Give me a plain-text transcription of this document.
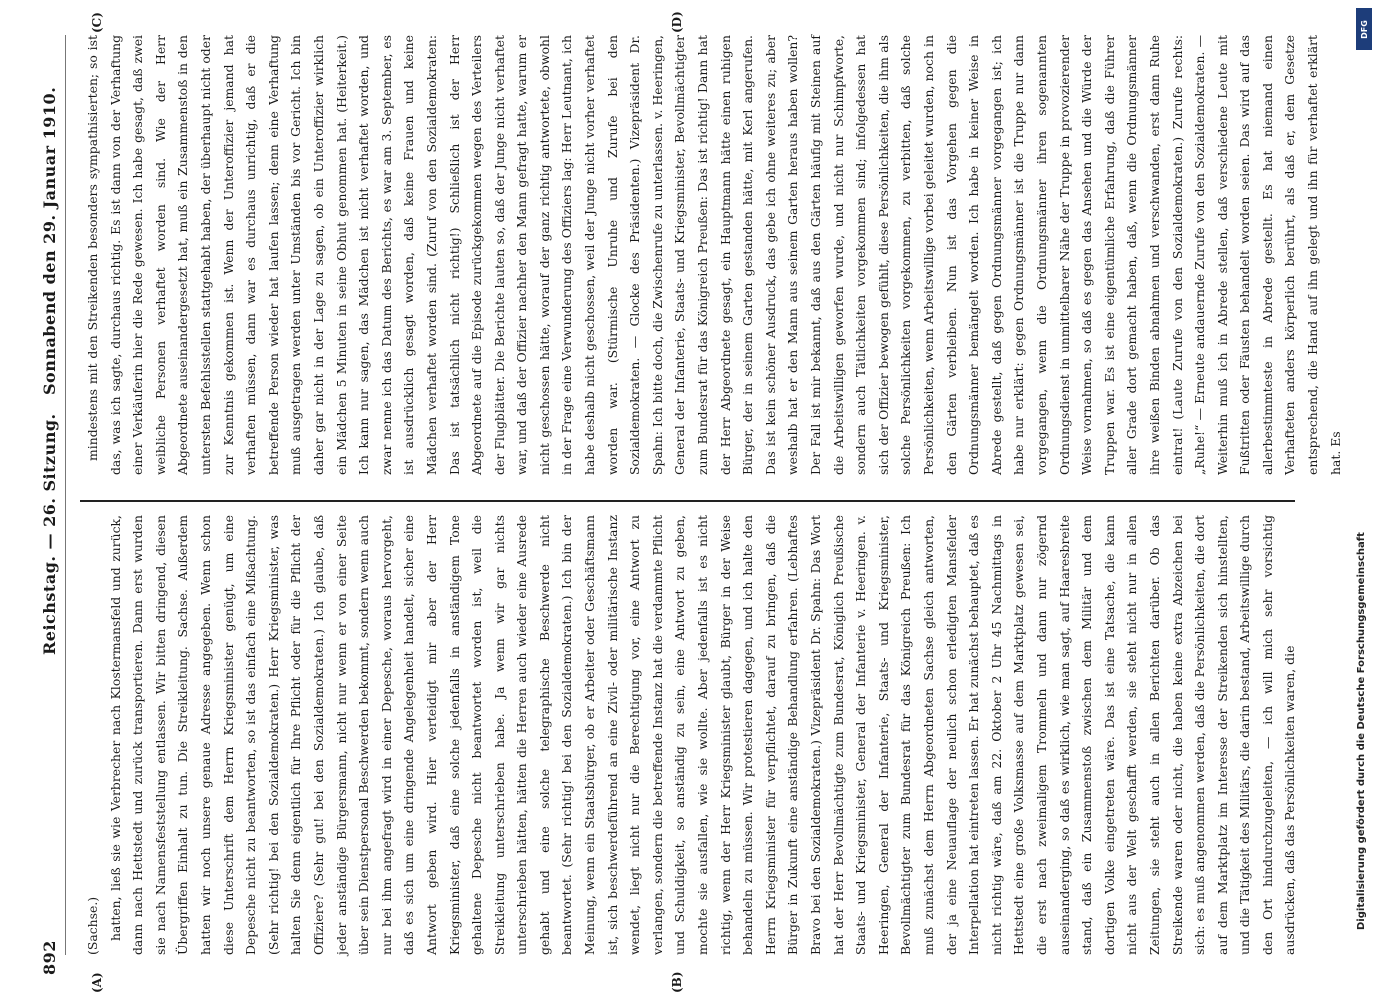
892
Reichstag. — 26. Sitzung.
Sonnabend den 29. Januar 1910.
(A)	(B)
(C)	(D)

(Sachse.) hatten, ließ sie wie Verbrecher nach Klostermansfeld und zurück, dann nach Hettstedt und zurück transportieren. Dann erst wurden sie nach Namensfeststellung entlassen. Wir bitten dringend, diesen Übergriffen Einhalt zu tun. Die Streikleitung. Sachse. Außerdem hatten wir noch unsere genaue Adresse angegeben. Wenn schon diese Unterschrift dem Herrn Kriegsminister genügt, um eine Depesche nicht zu beantworten, so ist das einfach eine Mißachtung. (Sehr richtig! bei den Sozialdemokraten.) Herr Kriegsminister, was halten Sie denn eigentlich für Ihre Pflicht oder für die Pflicht der Offiziere? (Sehr gut! bei den Sozialdemokraten.) Ich glaube, daß jeder anständige Bürgersmann, nicht nur wenn er von einer Seite über sein Dienstpersonal Beschwerden bekommt, sondern wenn auch nur bei ihm angefragt wird in einer Depesche, woraus hervorgeht, daß es sich um eine dringende Angelegenheit handelt, sicher eine Antwort geben wird. Hier verteidigt mir aber der Herr Kriegsminister, daß eine solche jedenfalls in anständigem Tone gehaltene Depesche nicht beantwortet worden ist, weil die Streikleitung unterschrieben habe. Ja wenn wir gar nichts unterschrieben hätten, hätten die Herren auch wieder eine Ausrede gehabt und eine solche telegraphische Beschwerde nicht beantwortet. (Sehr richtig! bei den Sozialdemokraten.) Ich bin der Meinung, wenn ein Staatsbürger, ob er Arbeiter oder Geschäftsmann ist, sich beschwerdeführend an eine Zivil- oder militärische Instanz wendet, liegt nicht nur die Berechtigung vor, eine Antwort zu verlangen, sondern die betreffende Instanz hat die verdammte Pflicht und Schuldigkeit, so anständig zu sein, eine Antwort zu geben, mochte sie ausfallen, wie sie wollte. Aber jedenfalls ist es nicht richtig, wenn der Herr Kriegsminister glaubt, Bürger in der Weise behandeln zu müssen. Wir protestieren dagegen, und ich halte den Herrn Kriegsminister für verpflichtet, darauf zu bringen, daß die Bürger in Zukunft eine anständige Behandlung erfahren. (Lebhaftes Bravo bei den Sozialdemokraten.) Vizepräsident Dr. Spahn: Das Wort hat der Herr Bevollmächtigte zum Bundesrat, Königlich Preußische Staats- und Kriegsminister, General der Infanterie v. Heeringen. v. Heeringen, General der Infanterie, Staats- und Kriegsminister, Bevollmächtigter zum Bundesrat für das Königreich Preußen: Ich muß zunächst dem Herrn Abgeordneten Sachse gleich antworten, der ja eine Neuauflage der neulich schon erledigten Mansfelder Interpellation hat eintreten lassen. Er hat zunächst behauptet, daß es nicht richtig wäre, daß am 22. Oktober 2 Uhr 45 Nachmittags in Hettstedt eine große Volksmasse auf dem Marktplatz gewesen sei, die erst nach zweimaligem Trommeln und dann nur zögernd auseinanderging, so daß es wirklich, wie man sagt, auf Haaresbreite stand, daß ein Zusammenstoß zwischen dem Militär und dem dortigen Volke eingetreten wäre. Das ist eine Tatsache, die kann nicht aus der Welt geschafft werden, sie steht nicht nur in allen Zeitungen, sie steht auch in allen Berichten darüber. Ob das Streikende waren oder nicht, die haben keine extra Abzeichen bei sich: es muß angenommen werden, daß die Persönlichkeiten, die dort auf dem Marktplatz im Interesse der Streikenden sich hinstellten, und die Tätigkeit des Militärs, die darin bestand, Arbeitswillige durch den Ort hindurchzugeleiten, — ich will mich sehr vorsichtig ausdrücken, daß das Persönlichkeiten waren, die

mindestens mit den Streikenden besonders sympathisierten; so ist das, was ich sagte, durchaus richtig. Es ist dann von der Verhaftung einer Verkäuferin hier die Rede gewesen. Ich habe gesagt, daß zwei weibliche Personen verhaftet worden sind. Wie der Herr Abgeordnete auseinandergesetzt hat, muß ein Zusammenstoß in den untersten Befehlsstellen stattgehabt haben, der überhaupt nicht oder zur Kenntnis gekommen ist. Wenn der Unteroffizier jemand hat verhaften müssen, dann war es durchaus unrichtig, daß er die betreffende Person wieder hat laufen lassen; denn eine Verhaftung muß ausgetragen werden unter Umständen bis vor Gericht. Ich bin daher gar nicht in der Lage zu sagen, ob ein Unteroffizier wirklich ein Mädchen 5 Minuten in seine Obhut genommen hat. (Heiterkeit.) Ich kann nur sagen, das Mädchen ist nicht verhaftet worden, und zwar nenne ich das Datum des Berichts, es war am 3. September, es ist ausdrücklich gesagt worden, daß keine Frauen und keine Mädchen verhaftet worden sind. (Zuruf von den Sozialdemokraten: Das ist tatsächlich nicht richtig!) Schließlich ist der Herr Abgeordnete auf die Episode zurückgekommen wegen des Verteilers der Flugblätter. Die Berichte lauten so, daß der Junge nicht verhaftet war, und daß der Offizier nachher den Mann gefragt hatte, warum er nicht geschossen hätte, worauf der ganz richtig antwortete, obwohl in der Frage eine Verwunderung des Offiziers lag: Herr Leutnant, ich habe deshalb nicht geschossen, weil der Junge nicht vorher verhaftet worden war. (Stürmische Unruhe und Zurufe bei den Sozialdemokraten. — Glocke des Präsidenten.) Vizepräsident Dr. Spahn: Ich bitte doch, die Zwischenrufe zu unterlassen. v. Heeringen, General der Infanterie, Staats- und Kriegsminister, Bevollmächtigter zum Bundesrat für das Königreich Preußen: Das ist richtig! Dann hat der Herr Abgeordnete gesagt, ein Hauptmann hätte einen ruhigen Bürger, der in seinem Garten gestanden hätte, mit Kerl angerufen. Das ist kein schöner Ausdruck, das gebe ich ohne weiteres zu; aber weshalb hat er den Mann aus seinem Garten heraus haben wollen? Der Fall ist mir bekannt, daß aus den Gärten häufig mit Steinen auf die Arbeitswilligen geworfen wurde, und nicht nur Schimpfworte, sondern auch Tätlichkeiten vorgekommen sind; infolgedessen hat sich der Offizier bewogen gefühlt, diese Persönlichkeiten, die ihm als solche Persönlichkeiten vorgekommen, zu verbitten, daß solche Persönlichkeiten, wenn Arbeitswillige vorbei geleitet wurden, noch in den Gärten verbleiben. Nun ist das Vorgehen gegen die Ordnungsmänner bemängelt worden. Ich habe in keiner Weise in Abrede gestellt, daß gegen Ordnungsmänner vorgegangen ist; ich habe nur erklärt: gegen Ordnungsmänner ist die Truppe nur dann vorgegangen, wenn die Ordnungsmänner ihren sogenannten Ordnungsdienst in unmittelbarer Nähe der Truppe in provozierender Weise vornahmen, so daß es gegen das Ansehen und die Würde der Truppen war. Es ist eine eigentümliche Erfahrung, daß die Führer aller Grade dort gemacht haben, daß, wenn die Ordnungsmänner ihre weißen Binden abnahmen und verschwanden, erst dann Ruhe eintrat! (Laute Zurufe von den Sozialdemokraten.) Zurufe rechts: „Ruhe!“ — Erneute andauernde Zurufe von den Sozialdemokraten. — Weiterhin muß ich in Abrede stellen, daß verschiedene Leute mit Fußtritten oder Fäusten behandelt worden seien. Das wird auf das allerbestimmteste in Abrede gestellt. Es hat niemand einen Verhafteten anders körperlich berührt, als daß er, dem Gesetze entsprechend, die Hand auf ihn gelegt und ihn für verhaftet erklärt hat. Es

DFG
Digitalisierung gefördert durch die Deutsche Forschungsgemeinschaft
